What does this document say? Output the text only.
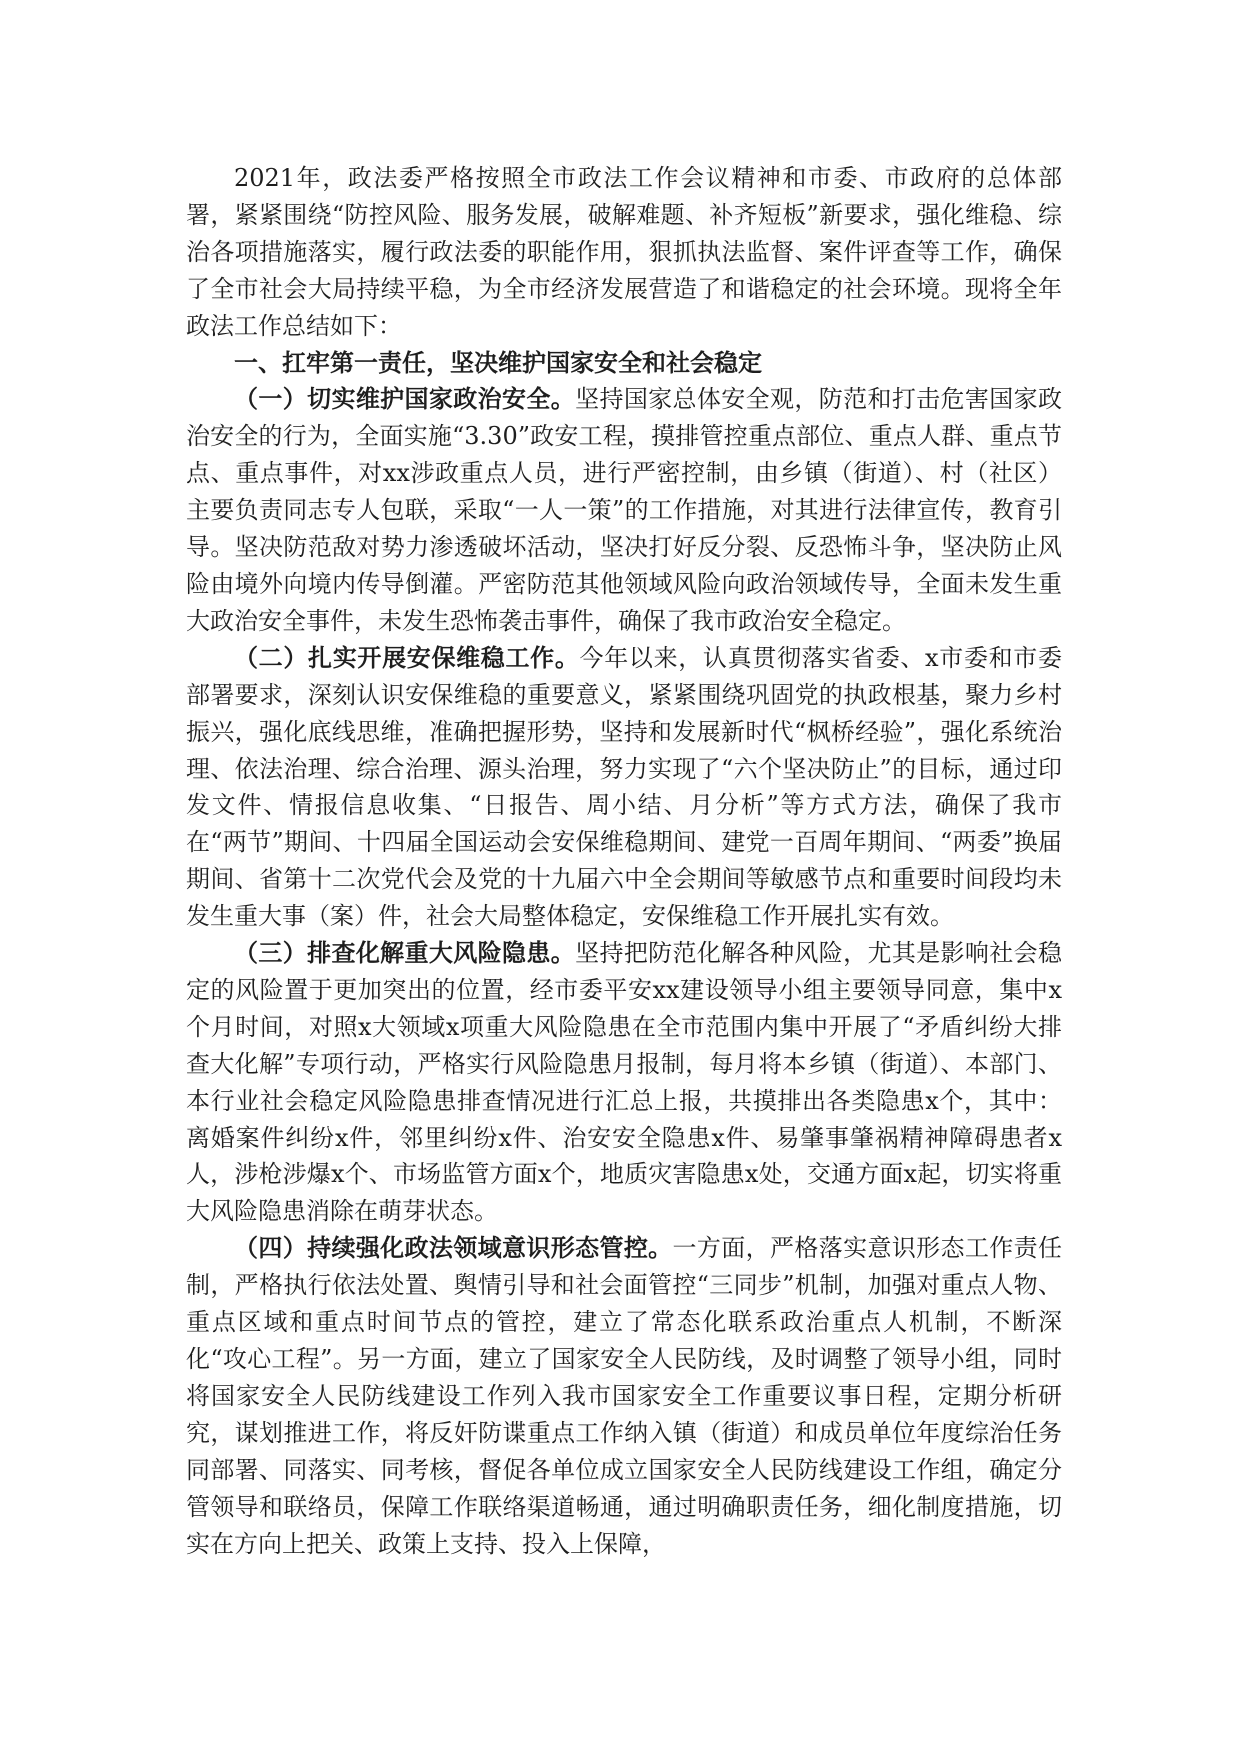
2021年，政法委严格按照全市政法工作会议精神和市委、市政府的总体部署，紧紧围绕“防控风险、服务发展，破解难题、补齐短板”新要求，强化维稳、综治各项措施落实，履行政法委的职能作用，狠抓执法监督、案件评查等工作，确保了全市社会大局持续平稳，为全市经济发展营造了和谐稳定的社会环境。现将全年政法工作总结如下：

一、扛牢第一责任，坚决维护国家安全和社会稳定

（一）切实维护国家政治安全。坚持国家总体安全观，防范和打击危害国家政治安全的行为，全面实施“3.30”政安工程，摸排管控重点部位、重点人群、重点节点、重点事件，对xx涉政重点人员，进行严密控制，由乡镇（街道）、村（社区）主要负责同志专人包联，采取“一人一策”的工作措施，对其进行法律宣传，教育引导。坚决防范敌对势力渗透破坏活动，坚决打好反分裂、反恐怖斗争，坚决防止风险由境外向境内传导倒灌。严密防范其他领域风险向政治领域传导，全面未发生重大政治安全事件，未发生恐怖袭击事件，确保了我市政治安全稳定。

（二）扎实开展安保维稳工作。今年以来，认真贯彻落实省委、x市委和市委部署要求，深刻认识安保维稳的重要意义，紧紧围绕巩固党的执政根基，聚力乡村振兴，强化底线思维，准确把握形势，坚持和发展新时代“枫桥经验”，强化系统治理、依法治理、综合治理、源头治理，努力实现了“六个坚决防止”的目标，通过印发文件、情报信息收集、“日报告、周小结、月分析”等方式方法，确保了我市在“两节”期间、十四届全国运动会安保维稳期间、建党一百周年期间、“两委”换届期间、省第十二次党代会及党的十九届六中全会期间等敏感节点和重要时间段均未发生重大事（案）件，社会大局整体稳定，安保维稳工作开展扎实有效。

（三）排查化解重大风险隐患。坚持把防范化解各种风险，尤其是影响社会稳定的风险置于更加突出的位置，经市委平安xx建设领导小组主要领导同意，集中x个月时间，对照x大领域x项重大风险隐患在全市范围内集中开展了“矛盾纠纷大排查大化解”专项行动，严格实行风险隐患月报制，每月将本乡镇（街道）、本部门、本行业社会稳定风险隐患排查情况进行汇总上报，共摸排出各类隐患x个，其中：离婚案件纠纷x件，邻里纠纷x件、治安安全隐患x件、易肇事肇祸精神障碍患者x人，涉枪涉爆x个、市场监管方面x个，地质灾害隐患x处，交通方面x起，切实将重大风险隐患消除在萌芽状态。

（四）持续强化政法领域意识形态管控。一方面，严格落实意识形态工作责任制，严格执行依法处置、舆情引导和社会面管控“三同步”机制，加强对重点人物、重点区域和重点时间节点的管控，建立了常态化联系政治重点人机制，不断深化“攻心工程”。另一方面，建立了国家安全人民防线，及时调整了领导小组，同时将国家安全人民防线建设工作列入我市国家安全工作重要议事日程，定期分析研究，谋划推进工作，将反奸防谍重点工作纳入镇（街道）和成员单位年度综治任务同部署、同落实、同考核，督促各单位成立国家安全人民防线建设工作组，确定分管领导和联络员，保障工作联络渠道畅通，通过明确职责任务，细化制度措施，切实在方向上把关、政策上支持、投入上保障，
